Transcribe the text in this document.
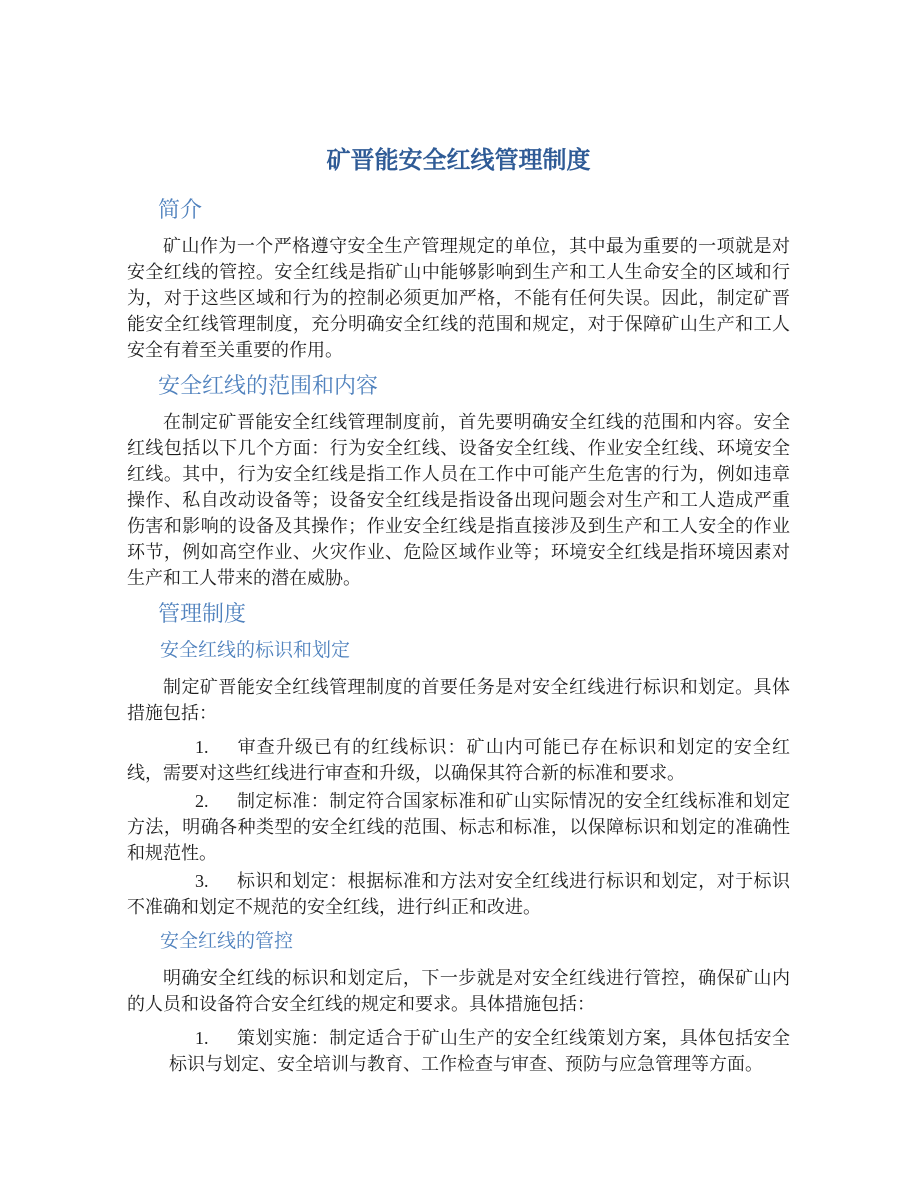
矿晋能安全红线管理制度
简介

矿山作为一个严格遵守安全生产管理规定的单位，其中最为重要的一项就是对安全红线的管控。安全红线是指矿山中能够影响到生产和工人生命安全的区域和行为，对于这些区域和行为的控制必须更加严格，不能有任何失误。因此，制定矿晋能安全红线管理制度，充分明确安全红线的范围和规定，对于保障矿山生产和工人安全有着至关重要的作用。

安全红线的范围和内容

在制定矿晋能安全红线管理制度前，首先要明确安全红线的范围和内容。安全红线包括以下几个方面：行为安全红线、设备安全红线、作业安全红线、环境安全红线。其中，行为安全红线是指工作人员在工作中可能产生危害的行为，例如违章操作、私自改动设备等；设备安全红线是指设备出现问题会对生产和工人造成严重伤害和影响的设备及其操作；作业安全红线是指直接涉及到生产和工人安全的作业环节，例如高空作业、火灾作业、危险区域作业等；环境安全红线是指环境因素对生产和工人带来的潜在威胁。

管理制度
安全红线的标识和划定

制定矿晋能安全红线管理制度的首要任务是对安全红线进行标识和划定。具体措施包括：

1. 审查升级已有的红线标识：矿山内可能已存在标识和划定的安全红线，需要对这些红线进行审查和升级，以确保其符合新的标准和要求。
2. 制定标准：制定符合国家标准和矿山实际情况的安全红线标准和划定方法，明确各种类型的安全红线的范围、标志和标准，以保障标识和划定的准确性和规范性。
3. 标识和划定：根据标准和方法对安全红线进行标识和划定，对于标识不准确和划定不规范的安全红线，进行纠正和改进。
安全红线的管控

明确安全红线的标识和划定后，下一步就是对安全红线进行管控，确保矿山内的人员和设备符合安全红线的规定和要求。具体措施包括：

1. 策划实施：制定适合于矿山生产的安全红线策划方案，具体包括安全标识与划定、安全培训与教育、工作检查与审查、预防与应急管理等方面。
